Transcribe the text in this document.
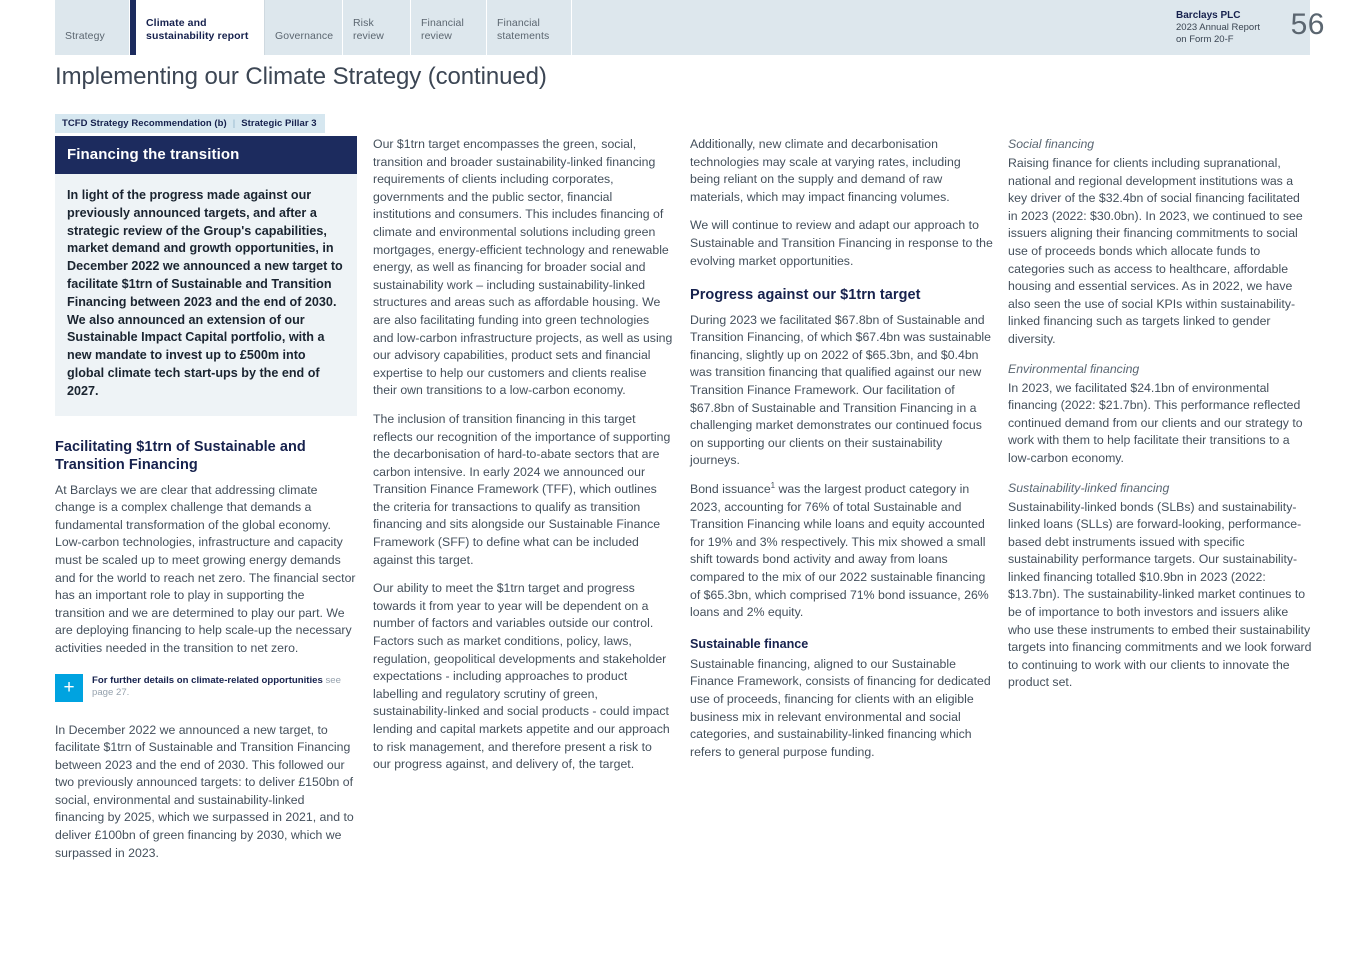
Strategy
Climate and sustainability report	Governance
Risk review
Financial review
Financial statements
Barclays PLC
2023 Annual Report
on Form 20-F	56
Implementing our Climate Strategy (continued)
TCFD Strategy Recommendation (b) | Strategic Pillar 3
Financing the transition

In light of the progress made against our previously announced targets, and after a strategic review of the Group's capabilities, market demand and growth opportunities, in December 2022 we announced a new target to facilitate $1trn of Sustainable and Transition Financing between 2023 and the end of 2030. We also announced an extension of our Sustainable Impact Capital portfolio, with a new mandate to invest up to £500m into global climate tech start-ups by the end of 2027.

Facilitating $1trn of Sustainable and Transition Financing

At Barclays we are clear that addressing climate change is a complex challenge that demands a fundamental transformation of the global economy. Low-carbon technologies, infrastructure and capacity must be scaled up to meet growing energy demands and for the world to reach net zero. The financial sector has an important role to play in supporting the transition and we are determined to play our part. We are deploying financing to help scale-up the necessary activities needed in the transition to net zero.

+	For further details on climate-related opportunities see page 27.

In December 2022 we announced a new target, to facilitate $1trn of Sustainable and Transition Financing between 2023 and the end of 2030. This followed our two previously announced targets: to deliver £150bn of social, environmental and sustainability-linked financing by 2025, which we surpassed in 2021, and to deliver £100bn of green financing by 2030, which we surpassed in 2023.

Our $1trn target encompasses the green, social, transition and broader sustainability-linked financing requirements of clients including corporates, governments and the public sector, financial institutions and consumers. This includes financing of climate and environmental solutions including green mortgages, energy-efficient technology and renewable energy, as well as financing for broader social and sustainability work – including sustainability-linked structures and areas such as affordable housing. We are also facilitating funding into green technologies and low-carbon infrastructure projects, as well as using our advisory capabilities, product sets and financial expertise to help our customers and clients realise their own transitions to a low-carbon economy.

The inclusion of transition financing in this target reflects our recognition of the importance of supporting the decarbonisation of hard-to-abate sectors that are carbon intensive. In early 2024 we announced our Transition Finance Framework (TFF), which outlines the criteria for transactions to qualify as transition financing and sits alongside our Sustainable Finance Framework (SFF) to define what can be included against this target.

Our ability to meet the $1trn target and progress towards it from year to year will be dependent on a number of factors and variables outside our control. Factors such as market conditions, policy, laws, regulation, geopolitical developments and stakeholder expectations - including approaches to product labelling and regulatory scrutiny of green, sustainability-linked and social products - could impact lending and capital markets appetite and our approach to risk management, and therefore present a risk to our progress against, and delivery of, the target.

Additionally, new climate and decarbonisation technologies may scale at varying rates, including being reliant on the supply and demand of raw materials, which may impact financing volumes.

We will continue to review and adapt our approach to Sustainable and Transition Financing in response to the evolving market opportunities.

Progress against our $1trn target

During 2023 we facilitated $67.8bn of Sustainable and Transition Financing, of which $67.4bn was sustainable financing, slightly up on 2022 of $65.3bn, and $0.4bn was transition financing that qualified against our new Transition Finance Framework. Our facilitation of $67.8bn of Sustainable and Transition Financing in a challenging market demonstrates our continued focus on supporting our clients on their sustainability journeys.

Bond issuance$^1$ was the largest product category in 2023, accounting for 76% of total Sustainable and Transition Financing while loans and equity accounted for 19% and 3% respectively. This mix showed a small shift towards bond activity and away from loans compared to the mix of our 2022 sustainable financing of $65.3bn, which comprised 71% bond issuance, 26% loans and 2% equity.

Sustainable finance

Sustainable financing, aligned to our Sustainable Finance Framework, consists of financing for dedicated use of proceeds, financing for clients with an eligible business mix in relevant environmental and social categories, and sustainability-linked financing which refers to general purpose funding.

Social financing

Raising finance for clients including supranational, national and regional development institutions was a key driver of the $32.4bn of social financing facilitated in 2023 (2022: $30.0bn). In 2023, we continued to see issuers aligning their financing commitments to social use of proceeds bonds which allocate funds to categories such as access to healthcare, affordable housing and essential services. As in 2022, we have also seen the use of social KPIs within sustainability-linked financing such as targets linked to gender diversity.

Environmental financing

In 2023, we facilitated $24.1bn of environmental financing (2022: $21.7bn). This performance reflected continued demand from our clients and our strategy to work with them to help facilitate their transitions to a low-carbon economy.

Sustainability-linked financing

Sustainability-linked bonds (SLBs) and sustainability-linked loans (SLLs) are forward-looking, performance-based debt instruments issued with specific sustainability performance targets. Our sustainability-linked financing totalled $10.9bn in 2023 (2022: $13.7bn). The sustainability-linked market continues to be of importance to both investors and issuers alike who use these instruments to embed their sustainability targets into financing commitments and we look forward to continuing to work with our clients to innovate the product set.
